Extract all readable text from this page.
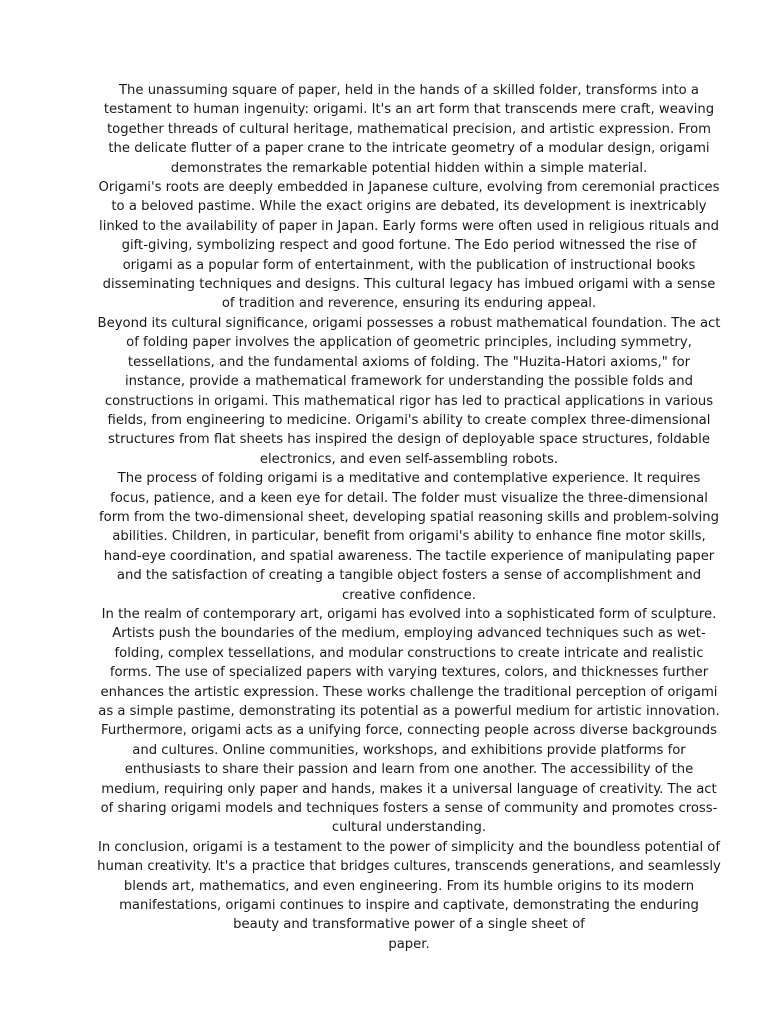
The unassuming square of paper, held in the hands of a skilled folder, transforms into a testament to human ingenuity: origami. It's an art form that transcends mere craft, weaving together threads of cultural heritage, mathematical precision, and artistic expression. From the delicate flutter of a paper crane to the intricate geometry of a modular design, origami demonstrates the remarkable potential hidden within a simple material.

Origami's roots are deeply embedded in Japanese culture, evolving from ceremonial practices to a beloved pastime. While the exact origins are debated, its development is inextricably linked to the availability of paper in Japan. Early forms were often used in religious rituals and gift-giving, symbolizing respect and good fortune. The Edo period witnessed the rise of origami as a popular form of entertainment, with the publication of instructional books disseminating techniques and designs. This cultural legacy has imbued origami with a sense of tradition and reverence, ensuring its enduring appeal.

Beyond its cultural significance, origami possesses a robust mathematical foundation. The act of folding paper involves the application of geometric principles, including symmetry, tessellations, and the fundamental axioms of folding. The "Huzita-Hatori axioms," for instance, provide a mathematical framework for understanding the possible folds and constructions in origami. This mathematical rigor has led to practical applications in various fields, from engineering to medicine. Origami's ability to create complex three-dimensional structures from flat sheets has inspired the design of deployable space structures, foldable electronics, and even self-assembling robots.

The process of folding origami is a meditative and contemplative experience. It requires focus, patience, and a keen eye for detail. The folder must visualize the three-dimensional form from the two-dimensional sheet, developing spatial reasoning skills and problem-solving abilities. Children, in particular, benefit from origami's ability to enhance fine motor skills, hand-eye coordination, and spatial awareness. The tactile experience of manipulating paper and the satisfaction of creating a tangible object fosters a sense of accomplishment and creative confidence.

In the realm of contemporary art, origami has evolved into a sophisticated form of sculpture. Artists push the boundaries of the medium, employing advanced techniques such as wet-folding, complex tessellations, and modular constructions to create intricate and realistic forms. The use of specialized papers with varying textures, colors, and thicknesses further enhances the artistic expression. These works challenge the traditional perception of origami as a simple pastime, demonstrating its potential as a powerful medium for artistic innovation.

Furthermore, origami acts as a unifying force, connecting people across diverse backgrounds and cultures. Online communities, workshops, and exhibitions provide platforms for enthusiasts to share their passion and learn from one another. The accessibility of the medium, requiring only paper and hands, makes it a universal language of creativity. The act of sharing origami models and techniques fosters a sense of community and promotes cross-cultural understanding.

In conclusion, origami is a testament to the power of simplicity and the boundless potential of human creativity. It's a practice that bridges cultures, transcends generations, and seamlessly blends art, mathematics, and even engineering. From its humble origins to its modern manifestations, origami continues to inspire and captivate, demonstrating the enduring beauty and transformative power of a single sheet of

paper.
